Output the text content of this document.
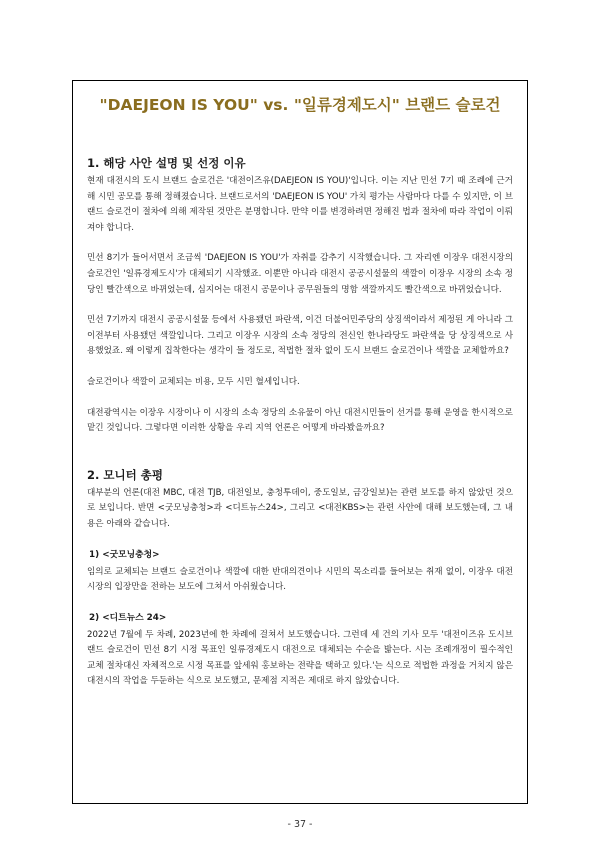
"DAEJEON IS YOU" vs. "일류경제도시" 브랜드 슬로건
1. 해당 사안 설명 및 선정 이유

현재 대전시의 도시 브랜드 슬로건은 '대전이즈유(DAEJEON IS YOU)'입니다. 이는 지난 민선 7기 때 조례에 근거해 시민 공모를 통해 정해졌습니다. 브랜드로서의 'DAEJEON IS YOU' 가치 평가는 사람마다 다를 수 있지만, 이 브랜드 슬로건이 절차에 의해 제작된 것만은 분명합니다. 만약 이를 변경하려면 정해진 법과 절차에 따라 작업이 이뤄져야 합니다.

민선 8기가 들어서면서 조금씩 'DAEJEON IS YOU'가 자취를 감추기 시작했습니다. 그 자리엔 이장우 대전시장의 슬로건인 '일류경제도시'가 대체되기 시작했죠. 이뿐만 아니라 대전시 공공시설물의 색깔이 이장우 시장의 소속 정당인 빨간색으로 바뀌었는데, 심지어는 대전시 공문이나 공무원들의 명함 색깔까지도 빨간색으로 바뀌었습니다.

민선 7기까지 대전시 공공시설물 등에서 사용됐던 파란색, 이건 더불어민주당의 상징색이라서 제정된 게 아니라 그 이전부터 사용됐던 색깔입니다. 그리고 이장우 시장의 소속 정당의 전신인 한나라당도 파란색을 당 상징색으로 사용했었죠. 왜 이렇게 집착한다는 생각이 들 정도로, 적법한 절차 없이 도시 브랜드 슬로건이나 색깔을 교체할까요?

슬로건이나 색깔이 교체되는 비용, 모두 시민 혈세입니다.

대전광역시는 이장우 시장이나 이 시장의 소속 정당의 소유물이 아닌 대전시민들이 선거를 통해 운영을 한시적으로 맡긴 것입니다. 그렇다면 이러한 상황을 우리 지역 언론은 어떻게 바라봤을까요?

2. 모니터 총평

대부분의 언론(대전 MBC, 대전 TJB, 대전일보, 충청투데이, 중도일보, 금강일보)는 관련 보도를 하지 않았던 것으로 보입니다. 반면 <굿모닝충청>과 <디트뉴스24>, 그리고 <대전KBS>는 관련 사안에 대해 보도했는데, 그 내용은 아래와 같습니다.

1) <굿모닝충청>

임의로 교체되는 브랜드 슬로건이나 색깔에 대한 반대의견이나 시민의 목소리를 들어보는 취재 없이, 이장우 대전시장의 입장만을 전하는 보도에 그쳐서 아쉬웠습니다.

2) <디트뉴스 24>

2022년 7월에 두 차례, 2023년에 한 차례에 걸쳐서 보도했습니다. 그런데 세 건의 기사 모두 '대전이즈유 도시브랜드 슬로건이 민선 8기 시정 목표인 일류경제도시 대전으로 대체되는 수순을 밟는다. 시는 조례개정이 필수적인 교체 절차대신 자체적으로 시정 목표를 앞세워 홍보하는 전략을 택하고 있다.'는 식으로 적법한 과정을 거치지 않은 대전시의 작업을 두둔하는 식으로 보도했고, 문제점 지적은 제대로 하지 않았습니다.

- 37 -
